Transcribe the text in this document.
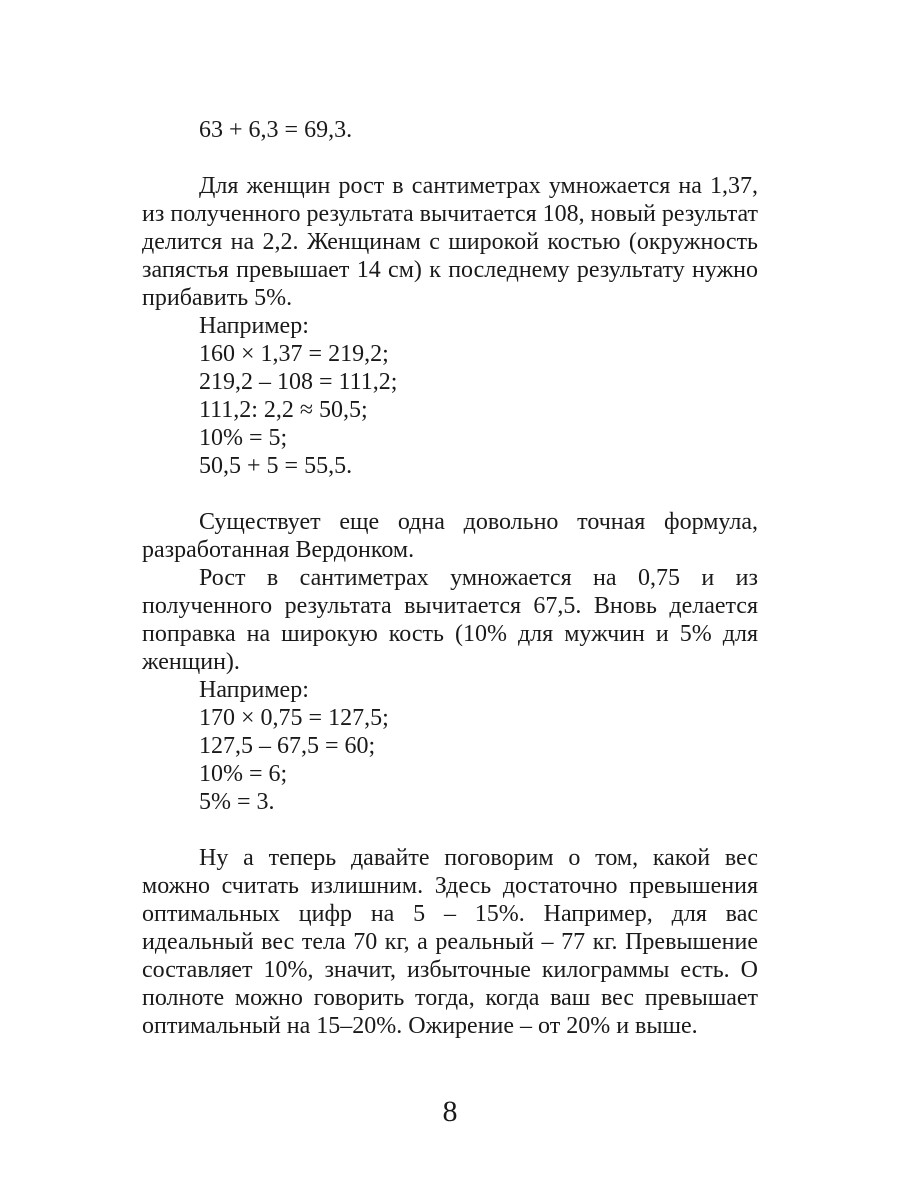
63 + 6,3 = 69,3.

Для женщин рост в сантиметрах умножается на 1,37, из полученного результата вычитается 108, новый результат делится на 2,2. Женщинам с широкой костью (окружность запястья превышает 14 см) к последнему результату нужно прибавить 5%.

Например:

160 × 1,37 = 219,2;

219,2 – 108 = 111,2;

111,2: 2,2 ≈ 50,5;

10% = 5;

50,5 + 5 = 55,5.

Существует еще одна довольно точная формула, разработанная Вердонком.

Рост в сантиметрах умножается на 0,75 и из полученного результата вычитается 67,5. Вновь делается поправка на широкую кость (10% для мужчин и 5% для женщин).

Например:

170 × 0,75 = 127,5;

127,5 – 67,5 = 60;

10% = 6;

5% = 3.

Ну а теперь давайте поговорим о том, какой вес можно считать излишним. Здесь достаточно превышения оптимальных цифр на 5 – 15%. Например, для вас идеальный вес тела 70 кг, а реальный – 77 кг. Превышение составляет 10%, значит, избыточные килограммы есть. О полноте можно говорить тогда, когда ваш вес превышает оптимальный на 15–20%. Ожирение – от 20% и выше.

8
